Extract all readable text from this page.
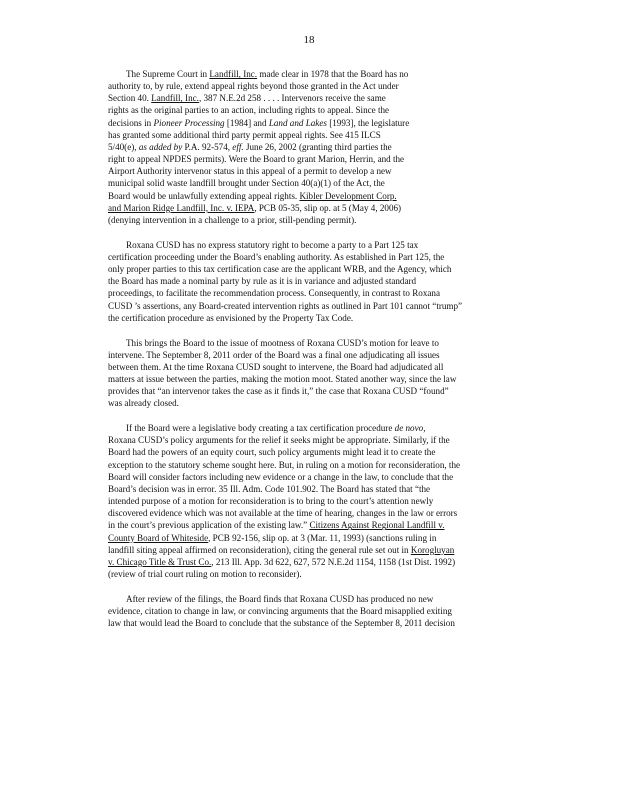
18
The Supreme Court in Landfill, Inc. made clear in 1978 that the Board has no
authority to, by rule, extend appeal rights beyond those granted in the Act under
Section 40. Landfill, Inc., 387 N.E.2d 258 . . . . Intervenors receive the same
rights as the original parties to an action, including rights to appeal. Since the
decisions in Pioneer Processing [1984] and Land and Lakes [1993], the legislature
has granted some additional third party permit appeal rights. See 415 ILCS
5/40(e), as added by P.A. 92-574, eff. June 26, 2002 (granting third parties the
right to appeal NPDES permits). Were the Board to grant Marion, Herrin, and the
Airport Authority intervenor status in this appeal of a permit to develop a new
municipal solid waste landfill brought under Section 40(a)(1) of the Act, the
Board would be unlawfully extending appeal rights. Kibler Development Corp.
and Marion Ridge Landfill, Inc. v. IEPA, PCB 05-35, slip op. at 5 (May 4, 2006)
(denying intervention in a challenge to a prior, still-pending permit).
Roxana CUSD has no express statutory right to become a party to a Part 125 tax
certification proceeding under the Board’s enabling authority. As established in Part 125, the
only proper parties to this tax certification case are the applicant WRB, and the Agency, which
the Board has made a nominal party by rule as it is in variance and adjusted standard
proceedings, to facilitate the recommendation process. Consequently, in contrast to Roxana
CUSD ’s assertions, any Board-created intervention rights as outlined in Part 101 cannot “trump”
the certification procedure as envisioned by the Property Tax Code.
This brings the Board to the issue of mootness of Roxana CUSD’s motion for leave to
intervene. The September 8, 2011 order of the Board was a final one adjudicating all issues
between them. At the time Roxana CUSD sought to intervene, the Board had adjudicated all
matters at issue between the parties, making the motion moot. Stated another way, since the law
provides that “an intervenor takes the case as it finds it,” the case that Roxana CUSD “found”
was already closed.
If the Board were a legislative body creating a tax certification procedure de novo,
Roxana CUSD’s policy arguments for the relief it seeks might be appropriate. Similarly, if the
Board had the powers of an equity court, such policy arguments might lead it to create the
exception to the statutory scheme sought here. But, in ruling on a motion for reconsideration, the
Board will consider factors including new evidence or a change in the law, to conclude that the
Board’s decision was in error. 35 Ill. Adm. Code 101.902. The Board has stated that “the
intended purpose of a motion for reconsideration is to bring to the court’s attention newly
discovered evidence which was not available at the time of hearing, changes in the law or errors
in the court’s previous application of the existing law.” Citizens Against Regional Landfill v.
County Board of Whiteside, PCB 92-156, slip op. at 3 (Mar. 11, 1993) (sanctions ruling in
landfill siting appeal affirmed on reconsideration), citing the general rule set out in Korogluyan
v. Chicago Title & Trust Co., 213 Ill. App. 3d 622, 627, 572 N.E.2d 1154, 1158 (1st Dist. 1992)
(review of trial court ruling on motion to reconsider).
After review of the filings, the Board finds that Roxana CUSD has produced no new
evidence, citation to change in law, or convincing arguments that the Board misapplied exiting
law that would lead the Board to conclude that the substance of the September 8, 2011 decision
